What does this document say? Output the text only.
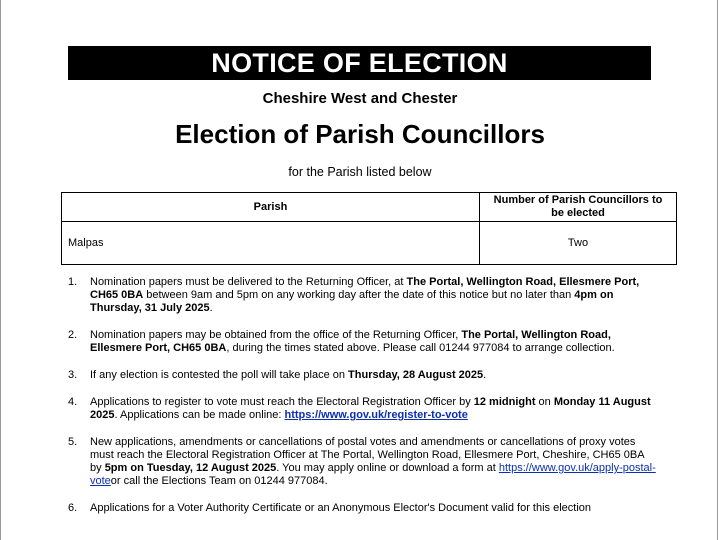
NOTICE OF ELECTION
Cheshire West and Chester
Election of Parish Councillors
for the Parish listed below
Parish	Number of Parish Councillors to be elected
Malpas	Two
1. Nomination papers must be delivered to the Returning Officer, at The Portal, Wellington Road, Ellesmere Port, CH65 0BA between 9am and 5pm on any working day after the date of this notice but no later than 4pm on Thursday, 31 July 2025.
2. Nomination papers may be obtained from the office of the Returning Officer, The Portal, Wellington Road, Ellesmere Port, CH65 0BA, during the times stated above. Please call 01244 977084 to arrange collection.
3. If any election is contested the poll will take place on Thursday, 28 August 2025.
4. Applications to register to vote must reach the Electoral Registration Officer by 12 midnight on Monday 11 August 2025. Applications can be made online: https://www.gov.uk/register-to-vote
5. New applications, amendments or cancellations of postal votes and amendments or cancellations of proxy votes must reach the Electoral Registration Officer at The Portal, Wellington Road, Ellesmere Port, Cheshire, CH65 0BA by 5pm on Tuesday, 12 August 2025. You may apply online or download a form at https://www.gov.uk/apply-postal-voteor call the Elections Team on 01244 977084.
6. Applications for a Voter Authority Certificate or an Anonymous Elector's Document valid for this election
